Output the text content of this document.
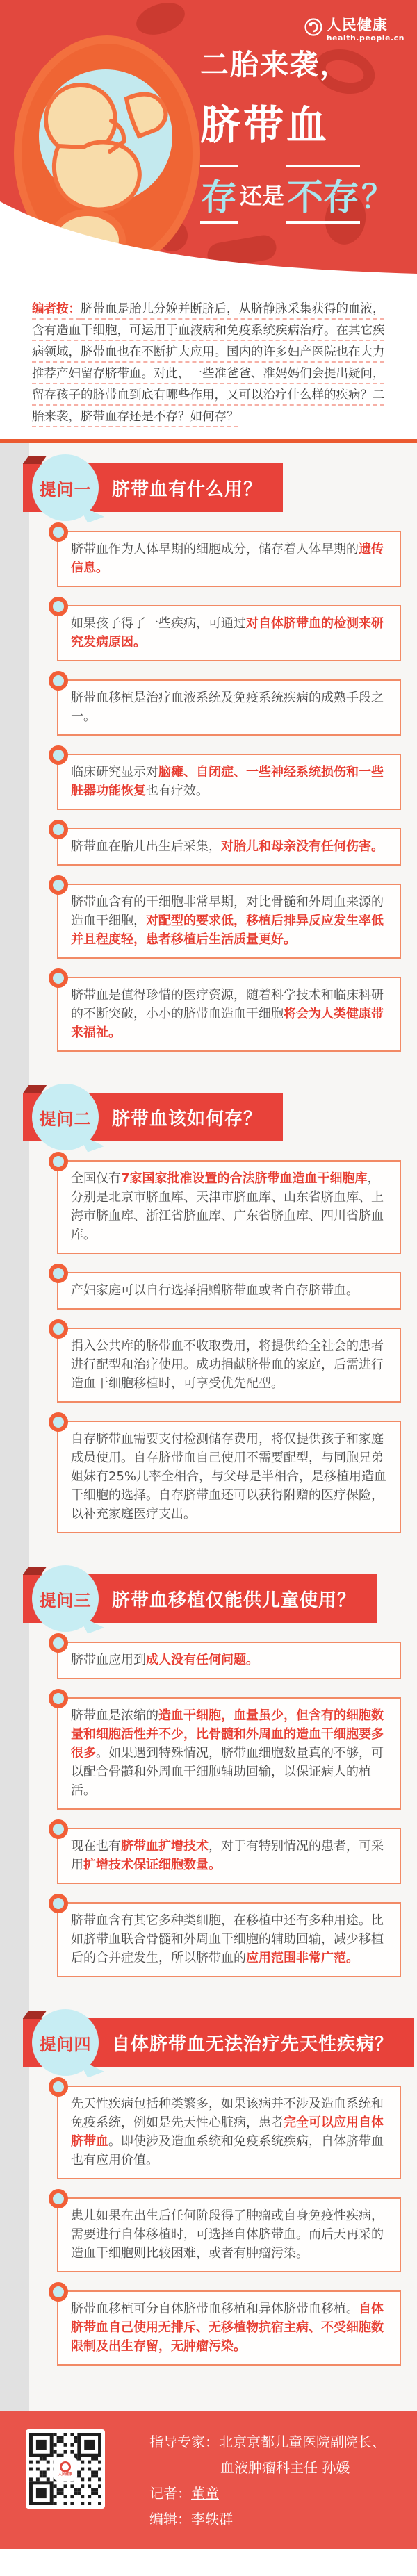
人民健康
health.people.cn
二胎来袭，
脐带血
存 还是 不存 ？

编者按：脐带血是胎儿分娩并断脐后，从脐静脉采集获得的血液，含有造血干细胞，可运用于血液病和免疫系统疾病治疗。在其它疾病领域，脐带血也在不断扩大应用。国内的许多妇产医院也在大力推荐产妇留存脐带血。对此，一些准爸爸、准妈妈们会提出疑问，留存孩子的脐带血到底有哪些作用，又可以治疗什么样的疾病？二胎来袭，脐带血存还是不存？如何存？

脐带血有什么用？
提问一
脐带血作为人体早期的细胞成分，储存着人体早期的遗传信息。
如果孩子得了一些疾病，可通过对自体脐带血的检测来研究发病原因。
脐带血移植是治疗血液系统及免疫系统疾病的成熟手段之一。
临床研究显示对脑瘫、自闭症、一些神经系统损伤和一些脏器功能恢复也有疗效。
脐带血在胎儿出生后采集，对胎儿和母亲没有任何伤害。
脐带血含有的干细胞非常早期，对比骨髓和外周血来源的造血干细胞，对配型的要求低，移植后排异反应发生率低并且程度轻，患者移植后生活质量更好。
脐带血是值得珍惜的医疗资源，随着科学技术和临床科研的不断突破，小小的脐带血造血干细胞将会为人类健康带来福祉。
脐带血该如何存？
提问二
全国仅有7家国家批准设置的合法脐带血造血干细胞库，分别是北京市脐血库、天津市脐血库、山东省脐血库、上海市脐血库、浙江省脐血库、广东省脐血库、四川省脐血库。
产妇家庭可以自行选择捐赠脐带血或者自存脐带血。
捐入公共库的脐带血不收取费用，将提供给全社会的患者进行配型和治疗使用。成功捐献脐带血的家庭，后需进行造血干细胞移植时，可享受优先配型。
自存脐带血需要支付检测储存费用，将仅提供孩子和家庭成员使用。自存脐带血自己使用不需要配型，与同胞兄弟姐妹有25%几率全相合，与父母是半相合，是移植用造血干细胞的选择。自存脐带血还可以获得附赠的医疗保险，以补充家庭医疗支出。
脐带血移植仅能供儿童使用？
提问三
脐带血应用到成人没有任何问题。
脐带血是浓缩的造血干细胞，血量虽少，但含有的细胞数量和细胞活性并不少，比骨髓和外周血的造血干细胞要多很多。如果遇到特殊情况，脐带血细胞数量真的不够，可以配合骨髓和外周血干细胞辅助回输，以保证病人的植活。
现在也有脐带血扩增技术，对于有特别情况的患者，可采用扩增技术保证细胞数量。
脐带血含有其它多种类细胞，在移植中还有多种用途。比如脐带血联合骨髓和外周血干细胞的辅助回输，减少移植后的合并症发生，所以脐带血的应用范围非常广范。
自体脐带血无法治疗先天性疾病？
提问四
先天性疾病包括种类繁多，如果该病并不涉及造血系统和免疫系统，例如是先天性心脏病，患者完全可以应用自体脐带血。即使涉及造血系统和免疫系统疾病，自体脐带血也有应用价值。
患儿如果在出生后任何阶段得了肿瘤或自身免疫性疾病，需要进行自体移植时，可选择自体脐带血。而后天再采的造血干细胞则比较困难，或者有肿瘤污染。
脐带血移植可分自体脐带血移植和异体脐带血移植。自体脐带血自己使用无排斥、无移植物抗宿主病、不受细胞数限制及出生存留，无肿瘤污染。
人民健康
指导专家：北京京都儿童医院副院长、
血液肿瘤科主任 孙媛
记者：董童
编辑：李轶群
